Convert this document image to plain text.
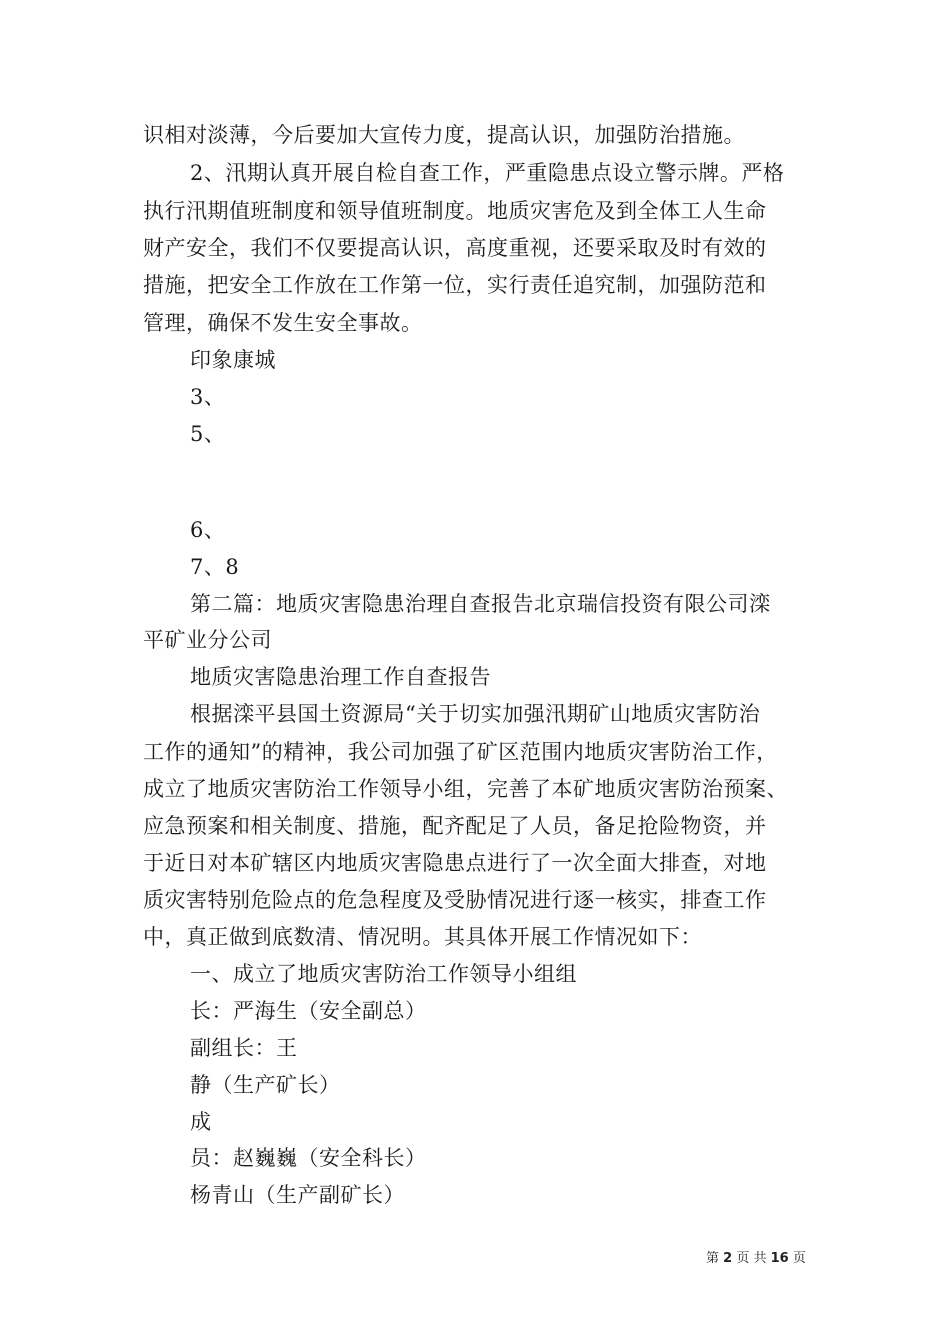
识相对淡薄，今后要加大宣传力度，提高认识，加强防治措施。
2、汛期认真开展自检自查工作，严重隐患点设立警示牌。严格
执行汛期值班制度和领导值班制度。地质灾害危及到全体工人生命
财产安全，我们不仅要提高认识，高度重视，还要采取及时有效的
措施，把安全工作放在工作第一位，实行责任追究制，加强防范和
管理，确保不发生安全事故。
印象康城
3、
5、
6、
7、8
第二篇：地质灾害隐患治理自查报告北京瑞信投资有限公司滦
平矿业分公司
地质灾害隐患治理工作自查报告
根据滦平县国土资源局“关于切实加强汛期矿山地质灾害防治
工作的通知”的精神，我公司加强了矿区范围内地质灾害防治工作，
成立了地质灾害防治工作领导小组，完善了本矿地质灾害防治预案、
应急预案和相关制度、措施，配齐配足了人员，备足抢险物资，并
于近日对本矿辖区内地质灾害隐患点进行了一次全面大排查，对地
质灾害特别危险点的危急程度及受胁情况进行逐一核实，排查工作
中，真正做到底数清、情况明。其具体开展工作情况如下：
一、成立了地质灾害防治工作领导小组组
长：严海生（安全副总）
副组长：王
静（生产矿长）
成
员：赵巍巍（安全科长）
杨青山（生产副矿长）
第 2 页 共 16 页
